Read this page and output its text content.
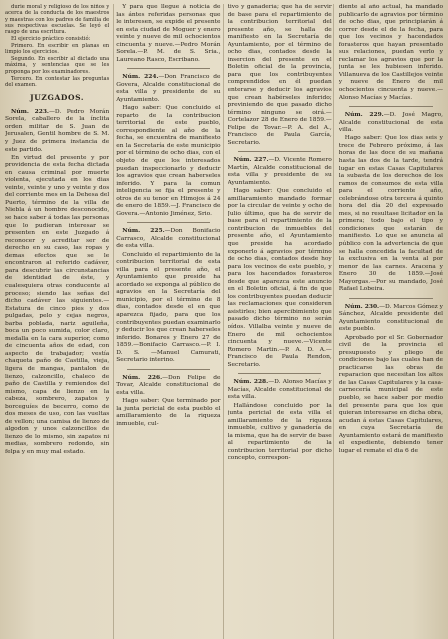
durie moral y religioso de los niños y acerca de la conducta de los maestros y maestras con los padres de familia de sus respectivas escuelas. Se leyó el rasgo de una escritura.

El ejercicio práctico consistió:

Primero. En escribir en planas en limpio los ejercicios.

Segundo. En escribir al dictado una máxima, y sentencias que se les proponga por los examinadores.

Tercero. En contestar las preguntas del examen.

JUZGADOS.

Núm. 223.—D. Pedro Morán Sorela, caballero de la ínclita orden militar de S. Juan de Jerusalen, Gentil hombre de S. M. y Juez de primera instancia de este partido.

En virtud del presente y por providencia de esta fecha dictada en causa criminal por muerte violenta, ejecutada en los dias veinte, veinte y uno y veinte y dos del corriente mes en la Dehesa del Puerto, término de la villa de Niebla á un hombre desconocido, se hace saber á todas las personas que lo pudieran interesar se presenten en este Juzgado á reconocer y acreditar ser de derecho en su caso, las ropas y demas efectos que se le encontraron al referido cadáver, para descubrir las circunstancias de identidad de éste, y cualesquiera otras conducente al proceso; siendo las señas del dicho cadáver las siguientes.—Estatura de cinco pies y dos pulgadas, pelo y cejas negros, barba poblada, nariz aguileña, boca un poco sumida, color claro, medalla en la cara superior, como de cincuenta años de edad, con aspecto de trabajador; vestía chaqueta paño de Castilla, vieja, ligera de mangas, pantalon de lienzo, calzoncillo, chaleco de paño de Castilla y remiendos del mismo, capa de lienzo en la cabeza, sombrero, zapatos y borceguíes de becerro, como de dos meses de uso, con las vueltas de vellon; una camisa de lienzo de algodon y unos calzoncillos de lienzo de lo mismo, sin zapatos ni medias, sombrero redondo, sin felpa y en muy mal estado.

Y para que llegue á noticia de las ántes referidas personas que le interesen, se expide el presente en esta ciudad de Moguer y enero veinte y nueve de mil ochocientos cincuenta y nueve.—Pedro Morán Sorela.—P. M. de S. Sria., Laureano Rasco, Escribano.

Núm. 224.—Don Francisco de Govera, Alcalde constitucional de esta villa y presidente de su Ayuntamiento.

Hago saber: Que concluido el reparto de la contribucion territorial de este pueblo, correspondiente al año de la fecha, se encuentra de manifiesto en la Secretaría de este municipio por el término de ocho dias, con el objeto de que los interesados puedan inspeccionarlo y deducir los agravios que crean haberseles inferido. Y para la comun inteligencia se fija el presente y otros de su tenor en Himojos á 24 de enero de 1859.—J. Francisco de Govera.—Antonio Jiménez, Srio.

Núm. 225.—Don Bonifacio Carrasco, Alcalde constitucional de esta villa.

Concluido el repartimiento de la contribucion territorial de esta villa para el presente año, el Ayuntamiento que preside ha acordado se exponga al público de agravios en la Secretaría del municipio, por el término de 8 dias, contados desde el en que aparezca fijado, para que los contribuyentes puedan examinarlo y deducir los que crean haberseles inferido. Bonares y Enero 27 de 1859.—Bonifacio Carrasco.—P. I. D. S. —Manuel Camurati, Secretario interino.

Núm. 226.—Don Felipe de Tovar, Alcalde constitucional de esta villa.

Hago saber: Que terminado por la junta pericial de esta pueblo el amillaramiento de la riqueza inmueble, cul-

tivo y ganadería; que ha de servir de base para el repartimiento de la contribucion territorial del presente año, se halla de manifiesto en la Secretaría de Ayuntamiento, por el término de ocho dias, contados desde la insercion del presente en el Boletin oficial de la provincia, para que los contribuyentes comprendidos en él puedan enterarse y deducir los agravios que crean habérseles inferido; previniendo de que pasado dicho término ninguno se oirá.—Cortelazor 28 de Enero de 1859.—Felipe de Tovar.—P. A. del A., Francisco de Paula García, Secretario.

Núm. 227.—D. Vicente Romero Martín, Alcalde constitucional de esta villa y presidente de su Ayuntamiento.

Hago saber: Que concluido el amillaramiento mandado formar por la circular de veinte y ocho de Julio último, que ha de servir de base para el repartimiento de la contribucion de inmuebles del presente año, el Ayuntamiento que preside ha acordado exponerlo á agravios por término de ocho dias, contados desde hoy para los vecinos de este pueblo, y para los hacendados forasteros desde que aparezca este anuncio en el Boletin oficial, á fin de que los contribuyentes puedan deducir las reclamaciones que consideren asistirles; bien apercibimiento que pasado dicho término no serán oídos. Villalba veinte y nueve de Enero de mil ochocientos cincuenta y nueve.—Vicente Romero Martin.—P. A. D. A.—Francisco de Paula Rendon, Secretario.

Núm. 228.—D. Alonso Macías y Macías, Alcalde constitucional de esta villa.

Hallándose concluido por la junta pericial de esta villa el amillaramiento de la riqueza inmueble, cultivo y ganadería de la misma, que ha de servir de base al repartimiento de la contribucion territorial por dicho concepto, correspon-

diente al año actual, ha mandado publicarlo de agravios por término de ocho dias, que principiarán á correr desde el de la fecha, para que los vecinos y hacendados forasteros que hayan presentado sus relaciones, puedan verlo y reclamar los agravios que por la junta se les hubiesen inferido. Villanueva de los Castillejos veinte y nueve de Enero de mil ochocientos cincuenta y nueve.—Alonso Macías y Macías.

Núm. 229.—D. José Magro, Alcalde constitucional de esta villa.

Hago saber: Que los dias seis y trece de Febrero próximo, á las horas de las doce de su mañana hasta las dos de la tarde, tendrá lugar en estas Casas Capitulares la subasta de los derechos de los ramos de consumos de esta villa para el corriente año, celebrándose otra tercera á quinto hora del día 20 del expresado mes, si no resultase licitador en la primera; todo bajo el tipo y condiciones que estarán de manifiesto. Lo que se anuncia al público con la advertencia de que se halla concedida la facultad de la exclusiva en la venta al por menor de las carnes. Aracena y Enero 30 de 1859.—José Mayorgas.—Por su mandado, José Rafael Lobeira.

Núm. 230.—D. Marcos Gómez y Sánchez, Alcalde presidente del Ayuntamiento constitucional de este pueblo.

Aprobado por el Sr. Gobernador civil de la provincia el presupuesto y pliego de condiciones bajo las cuales han de practicarse las obras de reparacion que necesitan los altos de las Casas Capitulares y la casa-carnecería municipal de este pueblo, se hace saber por medio del presente para que los que quieran interesarse en dicha obra, acudan á estas Casas Capitulares, en cuya Secretaría de Ayuntamiento estará de manifiesto el expediente, debiendo tener lugar el remate el dia 6 de
